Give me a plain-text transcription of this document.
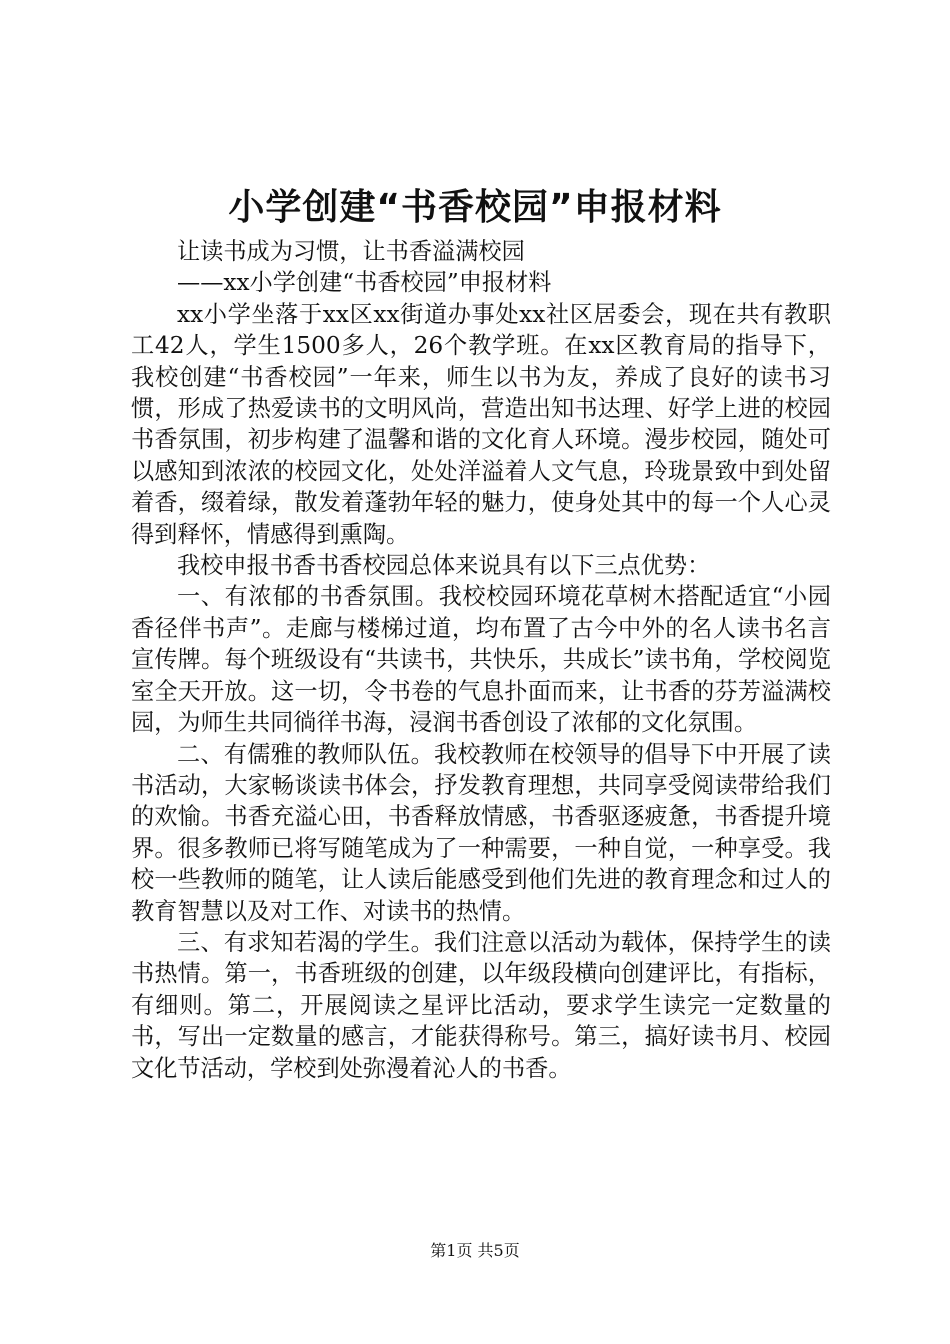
小学创建“书香校园”申报材料

让读书成为习惯，让书香溢满校园

——xx小学创建“书香校园”申报材料

xx小学坐落于xx区xx街道办事处xx社区居委会，现在共有教职工42人，学生1500多人，26个教学班。在xx区教育局的指导下，我校创建“书香校园”一年来，师生以书为友，养成了良好的读书习惯，形成了热爱读书的文明风尚，营造出知书达理、好学上进的校园书香氛围，初步构建了温馨和谐的文化育人环境。漫步校园，随处可以感知到浓浓的校园文化，处处洋溢着人文气息，玲珑景致中到处留着香，缀着绿，散发着蓬勃年轻的魅力，使身处其中的每一个人心灵得到释怀，情感得到熏陶。

我校申报书香书香校园总体来说具有以下三点优势：

一、有浓郁的书香氛围。我校校园环境花草树木搭配适宜“小园香径伴书声”。走廊与楼梯过道，均布置了古今中外的名人读书名言宣传牌。每个班级设有“共读书，共快乐，共成长”读书角，学校阅览室全天开放。这一切，令书卷的气息扑面而来，让书香的芬芳溢满校园，为师生共同徜徉书海，浸润书香创设了浓郁的文化氛围。

二、有儒雅的教师队伍。我校教师在校领导的倡导下中开展了读书活动，大家畅谈读书体会，抒发教育理想，共同享受阅读带给我们的欢愉。书香充溢心田，书香释放情感，书香驱逐疲惫，书香提升境界。很多教师已将写随笔成为了一种需要，一种自觉，一种享受。我校一些教师的随笔，让人读后能感受到他们先进的教育理念和过人的教育智慧以及对工作、对读书的热情。

三、有求知若渴的学生。我们注意以活动为载体，保持学生的读书热情。第一，书香班级的创建，以年级段横向创建评比，有指标，有细则。第二，开展阅读之星评比活动，要求学生读完一定数量的书，写出一定数量的感言，才能获得称号。第三，搞好读书月、校园文化节活动，学校到处弥漫着沁人的书香。

第1页 共5页
